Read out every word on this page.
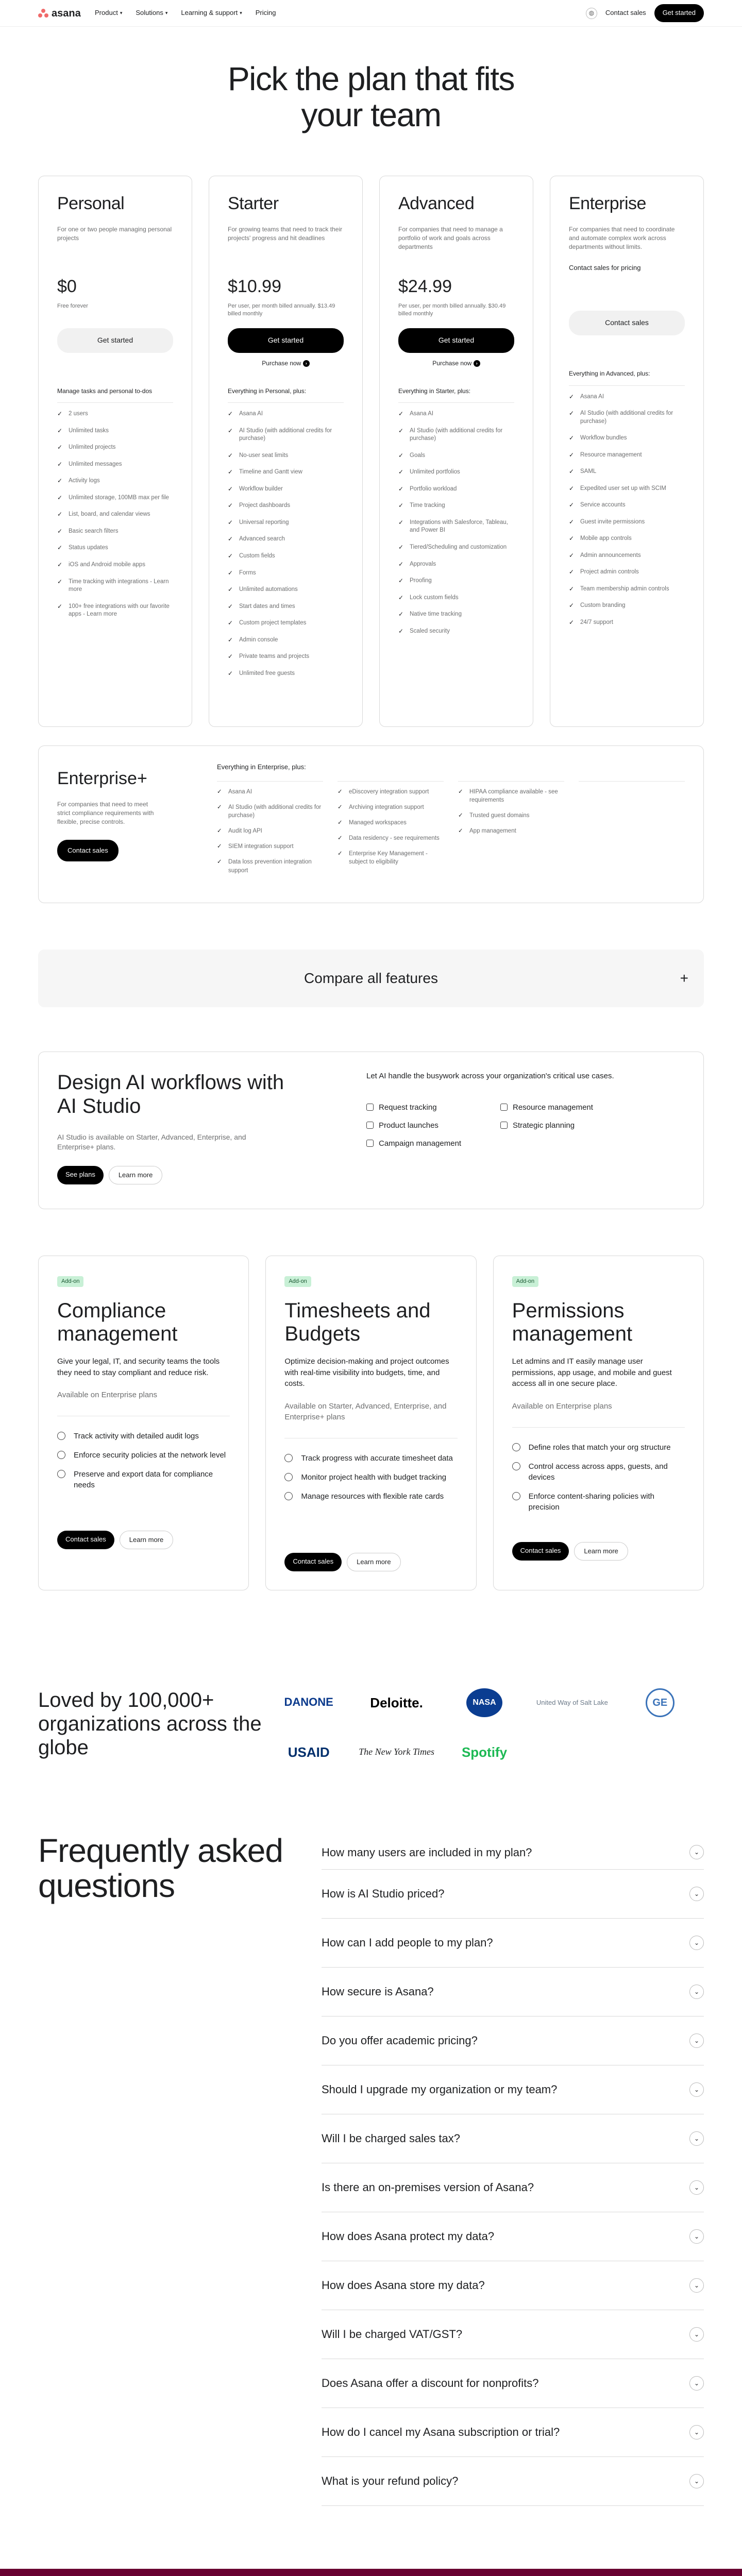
asana Product ▾ Solutions ▾ Learning & support ▾ Pricing	◍	Contact sales	Get started
Pick the plan that fits your team
Personal

For one or two people managing personal projects

$0
Free forever
Get started
Manage tasks and personal to-dos
✓ 2 users
✓ Unlimited tasks
✓ Unlimited projects
✓ Unlimited messages
✓ Activity logs
✓ Unlimited storage, 100MB max per file
✓ List, board, and calendar views
✓ Basic search filters
✓ Status updates
✓ iOS and Android mobile apps
✓ Time tracking with integrations - Learn more
✓ 100+ free integrations with our favorite apps - Learn more
Starter

For growing teams that need to track their projects' progress and hit deadlines

$10.99
Per user, per month billed annually. $13.49 billed monthly
Get started
Purchase now ›
Everything in Personal, plus:
✓ Asana AI
✓ AI Studio (with additional credits for purchase)
✓ No-user seat limits
✓ Timeline and Gantt view
✓ Workflow builder
✓ Project dashboards
✓ Universal reporting
✓ Advanced search
✓ Custom fields
✓ Forms
✓ Unlimited automations
✓ Start dates and times
✓ Custom project templates
✓ Admin console
✓ Private teams and projects
✓ Unlimited free guests
Advanced

For companies that need to manage a portfolio of work and goals across departments

$24.99
Per user, per month billed annually. $30.49 billed monthly
Get started
Purchase now ›
Everything in Starter, plus:
✓ Asana AI
✓ AI Studio (with additional credits for purchase)
✓ Goals
✓ Unlimited portfolios
✓ Portfolio workload
✓ Time tracking
✓ Integrations with Salesforce, Tableau, and Power BI
✓ Tiered/Scheduling and customization
✓ Approvals
✓ Proofing
✓ Lock custom fields
✓ Native time tracking
✓ Scaled security
Enterprise

For companies that need to coordinate and automate complex work across departments without limits.

Contact sales for pricing
Contact sales
Everything in Advanced, plus:
✓ Asana AI
✓ AI Studio (with additional credits for purchase)
✓ Workflow bundles
✓ Resource management
✓ SAML
✓ Expedited user set up with SCIM
✓ Service accounts
✓ Guest invite permissions
✓ Mobile app controls
✓ Admin announcements
✓ Project admin controls
✓ Team membership admin controls
✓ Custom branding
✓ 24/7 support
Enterprise+

For companies that need to meet strict compliance requirements with flexible, precise controls.

Contact sales
Everything in Enterprise, plus:
✓ Asana AI
✓ AI Studio (with additional credits for purchase)
✓ Audit log API
✓ SIEM integration support
✓ Data loss prevention integration support
✓ eDiscovery integration support
✓ Archiving integration support
✓ Managed workspaces
✓ Data residency - see requirements
✓ Enterprise Key Management - subject to eligibility
✓ HIPAA compliance available - see requirements
✓ Trusted guest domains
✓ App management
Compare all features	+
Design AI workflows with AI Studio

AI Studio is available on Starter, Advanced, Enterprise, and Enterprise+ plans.

See plans	Learn more
Let AI handle the busywork across your organization's critical use cases.
Request tracking	Resource management
Product launches	Strategic planning
Campaign management
Add-on
Compliance management

Give your legal, IT, and security teams the tools they need to stay compliant and reduce risk.

Available on Enterprise plans

Track activity with detailed audit logs
Enforce security policies at the network level
Preserve and export data for compliance needs
Contact sales	Learn more
Add-on
Timesheets and Budgets

Optimize decision-making and project outcomes with real-time visibility into budgets, time, and costs.

Available on Starter, Advanced, Enterprise, and Enterprise+ plans

Track progress with accurate timesheet data
Monitor project health with budget tracking
Manage resources with flexible rate cards
Contact sales	Learn more
Add-on
Permissions management

Let admins and IT easily manage user permissions, app usage, and mobile and guest access all in one secure place.

Available on Enterprise plans

Define roles that match your org structure
Control access across apps, guests, and devices
Enforce content-sharing policies with precision
Contact sales	Learn more
Loved by 100,000+ organizations across the globe
DANONE	Deloitte.	NASA	United Way of Salt Lake	GE
USAID	The New York Times	Spotify
Frequently asked questions
How many users are included in my plan?	⌄
How is AI Studio priced?	⌄
How can I add people to my plan?	⌄
How secure is Asana?	⌄
Do you offer academic pricing?	⌄
Should I upgrade my organization or my team?	⌄
Will I be charged sales tax?	⌄
Is there an on-premises version of Asana?	⌄
How does Asana protect my data?	⌄
How does Asana store my data?	⌄
Will I be charged VAT/GST?	⌄
Does Asana offer a discount for nonprofits?	⌄
How do I cancel my Asana subscription or trial?	⌄
What is your refund policy?	⌄
